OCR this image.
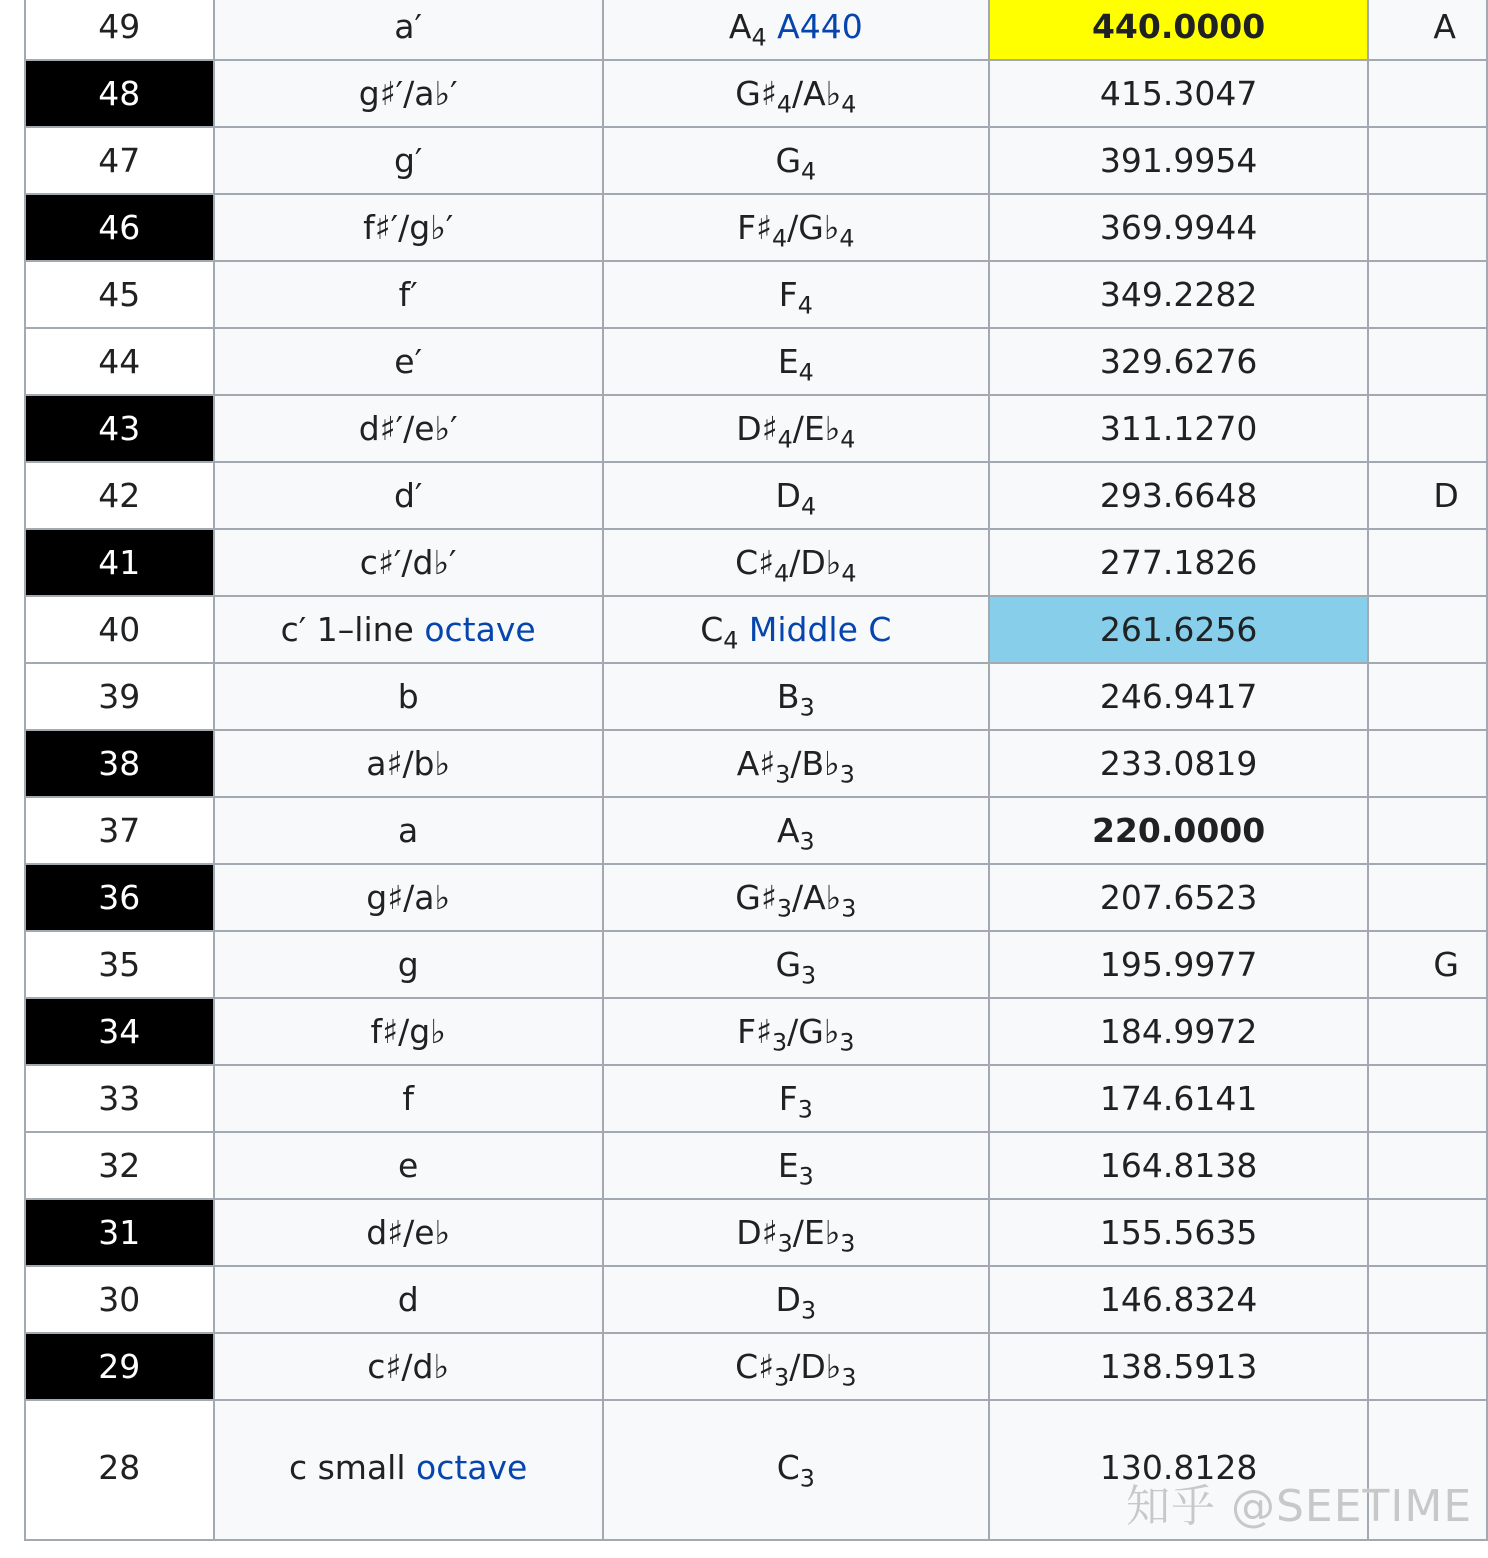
49	a′	$A_4$ A440	440.0000	A
48	g♯′/a♭′	$G♯_4/A♭_4$	415.3047	
47	g′	$G_4$	391.9954	
46	f♯′/g♭′	$F♯_4/G♭_4$	369.9944	
45	f′	$F_4$	349.2282	
44	e′	$E_4$	329.6276	
43	d♯′/e♭′	$D♯_4/E♭_4$	311.1270	
42	d′	$D_4$	293.6648	D
41	c♯′/d♭′	$C♯_4/D♭_4$	277.1826	
40	c′ 1–line octave	$C_4$ Middle C	261.6256	
39	b	$B_3$	246.9417	
38	a♯/b♭	$A♯_3/B♭_3$	233.0819	
37	a	$A_3$	220.0000	
36	g♯/a♭	$G♯_3/A♭_3$	207.6523	
35	g	$G_3$	195.9977	G
34	f♯/g♭	$F♯_3/G♭_3$	184.9972	
33	f	$F_3$	174.6141	
32	e	$E_3$	164.8138	
31	d♯/e♭	$D♯_3/E♭_3$	155.5635	
30	d	$D_3$	146.8324	
29	c♯/d♭	$C♯_3/D♭_3$	138.5913	
28	c small octave	$C_3$	130.8128	
知乎 @SEETIME
